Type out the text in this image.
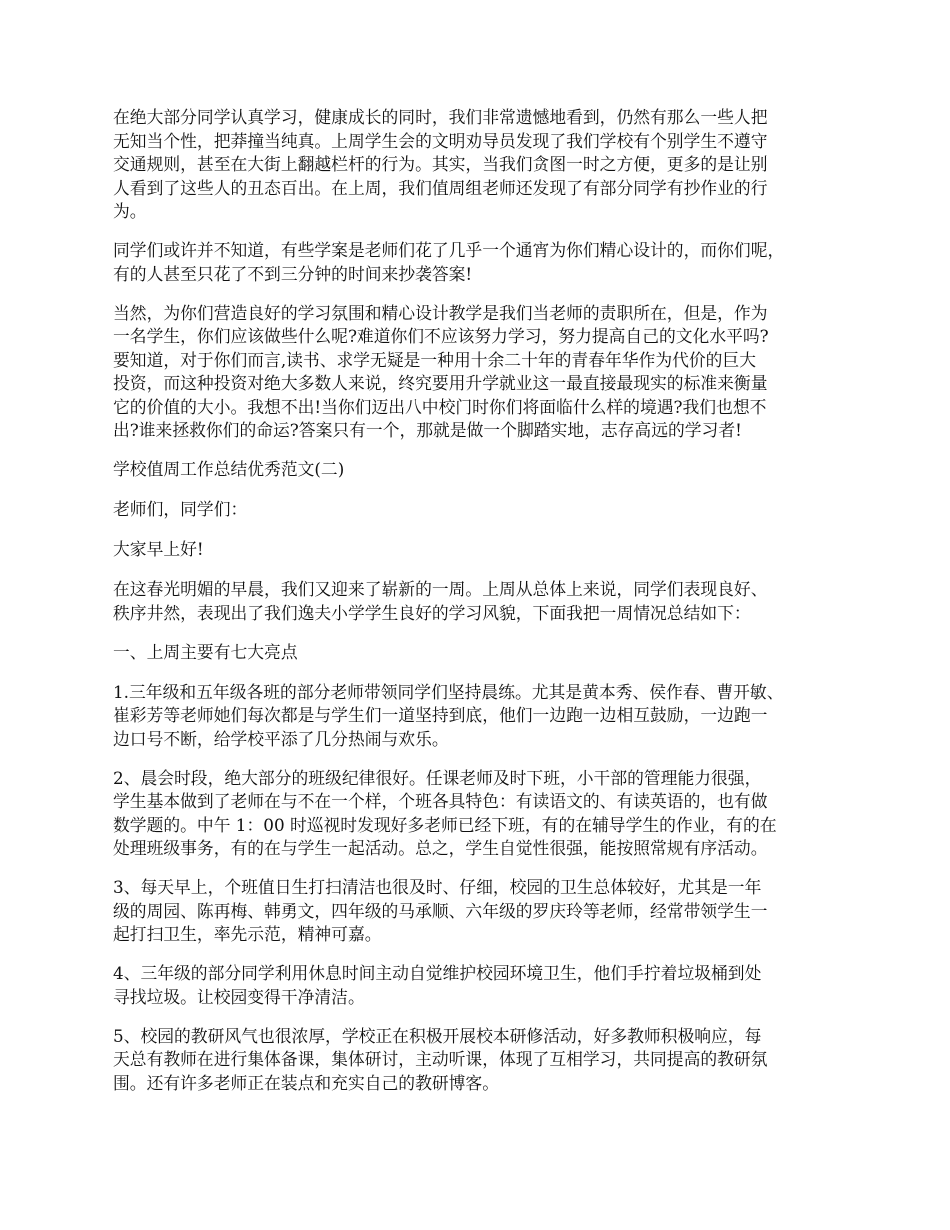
在绝大部分同学认真学习，健康成长的同时，我们非常遗憾地看到，仍然有那么一些人把
无知当个性，把莽撞当纯真。上周学生会的文明劝导员发现了我们学校有个别学生不遵守
交通规则，甚至在大街上翻越栏杆的行为。其实，当我们贪图一时之方便，更多的是让别
人看到了这些人的丑态百出。在上周，我们值周组老师还发现了有部分同学有抄作业的行
为。
同学们或许并不知道，有些学案是老师们花了几乎一个通宵为你们精心设计的，而你们呢，
有的人甚至只花了不到三分钟的时间来抄袭答案!
当然，为你们营造良好的学习氛围和精心设计教学是我们当老师的责职所在，但是，作为
一名学生，你们应该做些什么呢?难道你们不应该努力学习，努力提高自己的文化水平吗?
要知道，对于你们而言,读书、求学无疑是一种用十余二十年的青春年华作为代价的巨大
投资，而这种投资对绝大多数人来说，终究要用升学就业这一最直接最现实的标准来衡量
它的价值的大小。我想不出!当你们迈出八中校门时你们将面临什么样的境遇?我们也想不
出?谁来拯救你们的命运?答案只有一个，那就是做一个脚踏实地，志存高远的学习者!
学校值周工作总结优秀范文(二)
老师们，同学们：
大家早上好!
在这春光明媚的早晨，我们又迎来了崭新的一周。上周从总体上来说，同学们表现良好、
秩序井然，表现出了我们逸夫小学学生良好的学习风貌，下面我把一周情况总结如下：
一、上周主要有七大亮点
1.三年级和五年级各班的部分老师带领同学们坚持晨练。尤其是黄本秀、侯作春、曹开敏、
崔彩芳等老师她们每次都是与学生们一道坚持到底，他们一边跑一边相互鼓励，一边跑一
边口号不断，给学校平添了几分热闹与欢乐。
2、晨会时段，绝大部分的班级纪律很好。任课老师及时下班，小干部的管理能力很强，
学生基本做到了老师在与不在一个样，个班各具特色：有读语文的、有读英语的，也有做
数学题的。中午 1：00 时巡视时发现好多老师已经下班，有的在辅导学生的作业，有的在
处理班级事务，有的在与学生一起活动。总之，学生自觉性很强，能按照常规有序活动。
3、每天早上，个班值日生打扫清洁也很及时、仔细，校园的卫生总体较好，尤其是一年
级的周园、陈再梅、韩勇文，四年级的马承顺、六年级的罗庆玲等老师，经常带领学生一
起打扫卫生，率先示范，精神可嘉。
4、三年级的部分同学利用休息时间主动自觉维护校园环境卫生，他们手拧着垃圾桶到处
寻找垃圾。让校园变得干净清洁。
5、校园的教研风气也很浓厚，学校正在积极开展校本研修活动，好多教师积极响应，每
天总有教师在进行集体备课，集体研讨，主动听课，体现了互相学习，共同提高的教研氛
围。还有许多老师正在装点和充实自己的教研博客。
